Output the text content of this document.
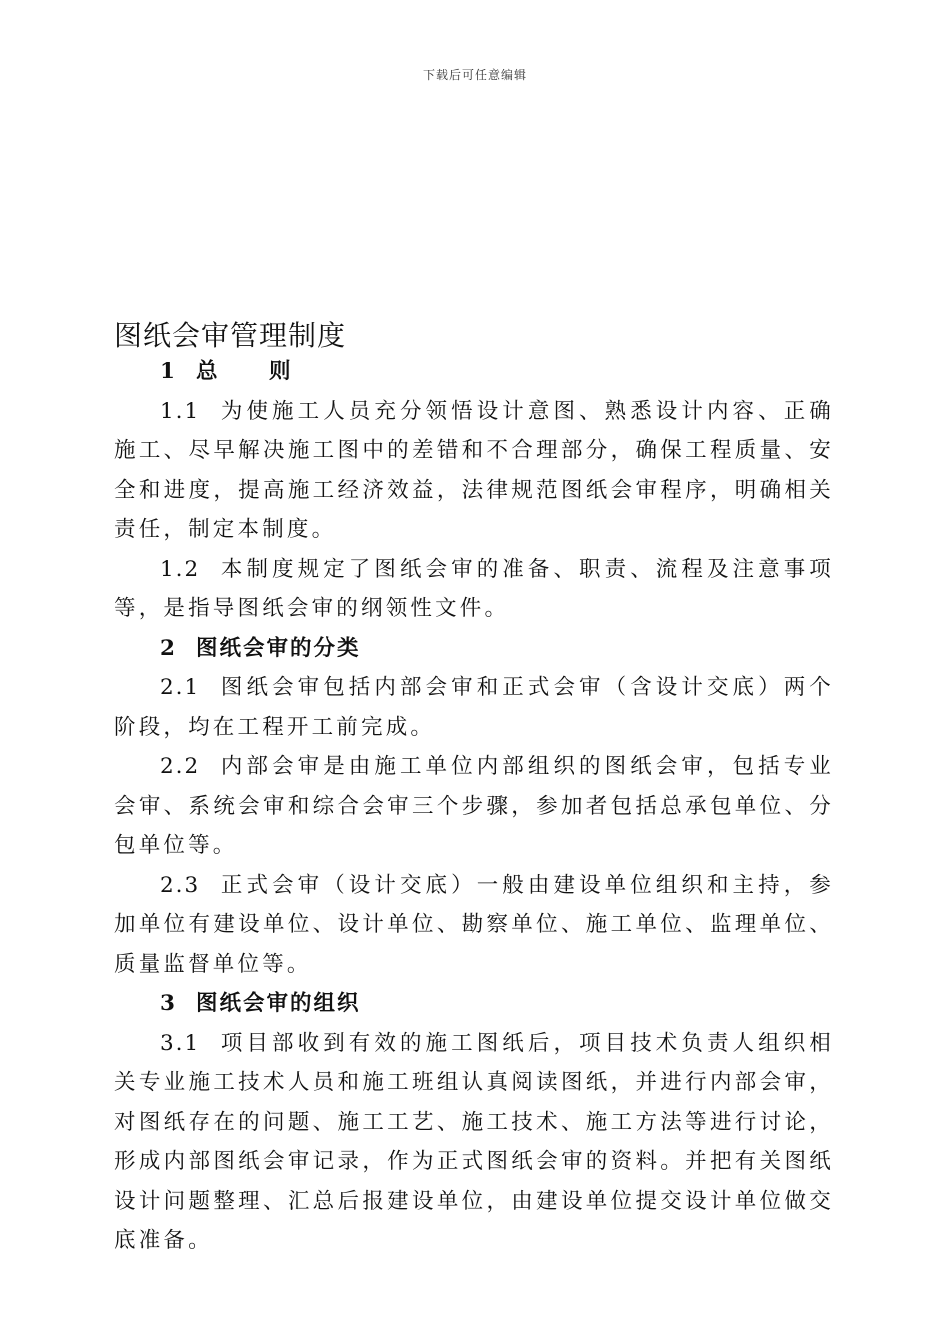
下载后可任意编辑
图纸会审管理制度
1 总 则
1.1 为使施工人员充分领悟设计意图、熟悉设计内容、正确施工、尽早解决施工图中的差错和不合理部分，确保工程质量、安全和进度，提高施工经济效益，法律规范图纸会审程序，明确相关责任，制定本制度。
1.2 本制度规定了图纸会审的准备、职责、流程及注意事项等，是指导图纸会审的纲领性文件。
2 图纸会审的分类
2.1 图纸会审包括内部会审和正式会审（含设计交底）两个阶段，均在工程开工前完成。
2.2 内部会审是由施工单位内部组织的图纸会审，包括专业会审、系统会审和综合会审三个步骤，参加者包括总承包单位、分包单位等。
2.3 正式会审（设计交底）一般由建设单位组织和主持，参加单位有建设单位、设计单位、勘察单位、施工单位、监理单位、质量监督单位等。
3 图纸会审的组织
3.1 项目部收到有效的施工图纸后，项目技术负责人组织相关专业施工技术人员和施工班组认真阅读图纸，并进行内部会审，对图纸存在的问题、施工工艺、施工技术、施工方法等进行讨论，形成内部图纸会审记录，作为正式图纸会审的资料。并把有关图纸设计问题整理、汇总后报建设单位，由建设单位提交设计单位做交底准备。
